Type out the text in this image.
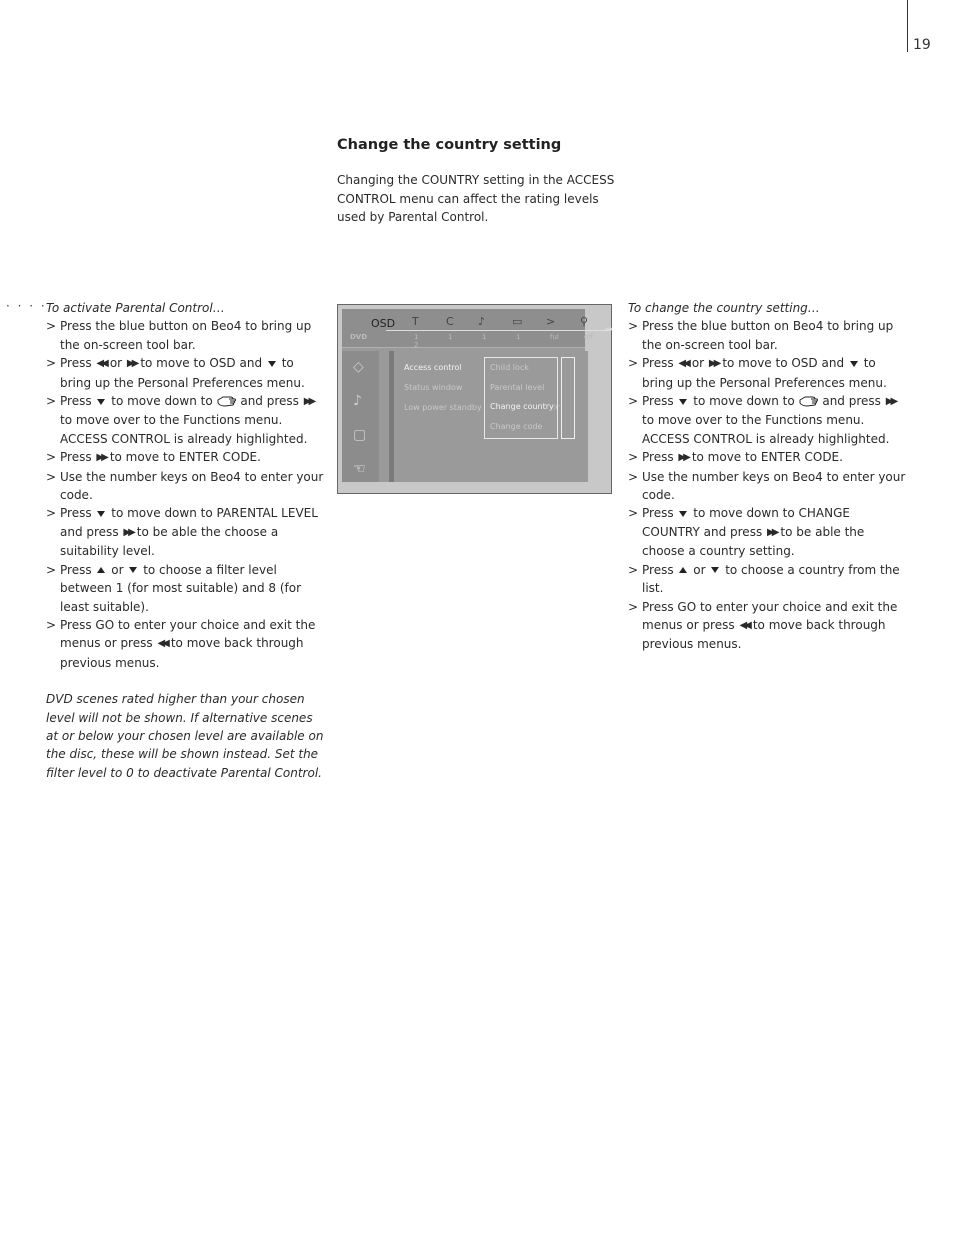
19
Change the country setting

Changing the COUNTRY setting in the ACCESS CONTROL menu can affect the rating levels used by Parental Control.

· · · · To activate Parental Control…

> Press the blue button on Beo4 to bring up the on-screen tool bar.
> Press ◀◀ or ▶▶ to move to OSD and to bring up the Personal Preferences menu.
> Press to move down to and press ▶▶to move over to the Functions menu.
ACCESS CONTROL is already highlighted.
> Press ▶▶ to move to ENTER CODE.
> Use the number keys on Beo4 to enter your code.
> Press to move down to PARENTAL LEVEL and press ▶▶ to be able the choose a suitability level.
> Press or to choose a filter level between 1 (for most suitable) and 8 (for least suitable).
> Press GO to enter your choice and exit the menus or press ◀◀ to move back through previous menus.

DVD scenes rated higher than your chosen level will not be shown. If alternative scenes at or below your chosen level are available on the disc, these will be shown instead. Set the filter level to 0 to deactivate Parental Control.

OSD T C ♪ ▭ > ⚲
DVD	1 2
1	1	1	ful	off
→
◇
♪
▢
☜
Access control
Status window
Low power standby
Child lock
Parental level
Change country
Change code
☞

To change the country setting…

> Press the blue button on Beo4 to bring up the on-screen tool bar.
> Press ◀◀ or ▶▶ to move to OSD and to bring up the Personal Preferences menu.
> Press to move down to and press ▶▶to move over to the Functions menu.
ACCESS CONTROL is already highlighted.
> Press ▶▶ to move to ENTER CODE.
> Use the number keys on Beo4 to enter your code.
> Press to move down to CHANGE COUNTRY and press ▶▶ to be able the choose a country setting.
> Press or to choose a country from the list.
> Press GO to enter your choice and exit the menus or press ◀◀ to move back through previous menus.
